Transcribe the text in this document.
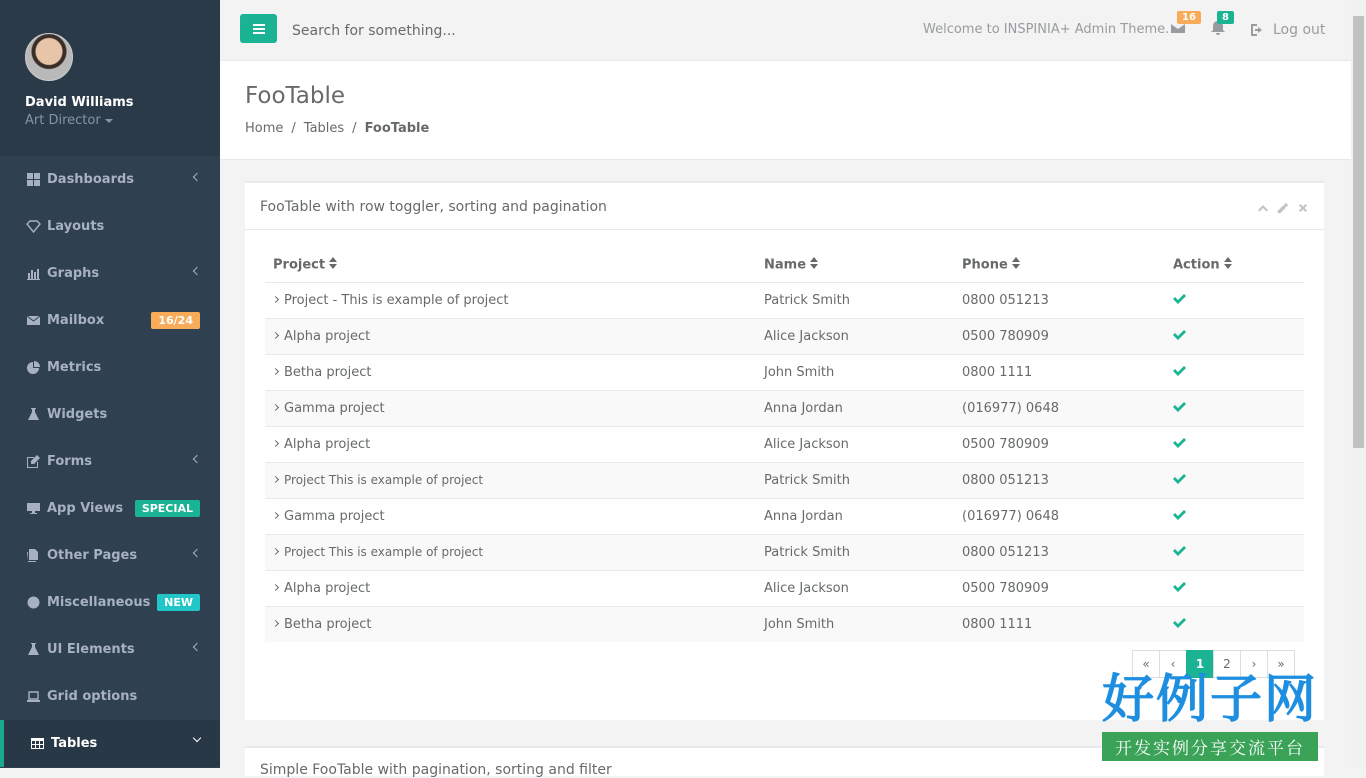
David Williams
Art Director
Dashboards
Layouts
Graphs
Mailbox	16/24
Metrics
Widgets
Forms
App Views	SPECIAL
Other Pages
Miscellaneous	NEW
UI Elements
Grid options
Tables
Search for something...
Welcome to INSPINIA+ Admin Theme.
16	8
Log out
FooTable
Home / Tables / FooTable
FooTable with row toggler, sorting and pagination
Project	Name	Phone	Action
Project - This is example of project	Patrick Smith	0800 051213	
Alpha project	Alice Jackson	0500 780909	
Betha project	John Smith	0800 1111	
Gamma project	Anna Jordan	(016977) 0648	
Alpha project	Alice Jackson	0500 780909	
Project This is example of project	Patrick Smith	0800 051213	
Gamma project	Anna Jordan	(016977) 0648	
Project This is example of project	Patrick Smith	0800 051213	
Alpha project	Alice Jackson	0500 780909	
Betha project	John Smith	0800 1111	
«	‹	1	2	›	»
Simple FooTable with pagination, sorting and filter
好例子网
开发实例分享交流平台
